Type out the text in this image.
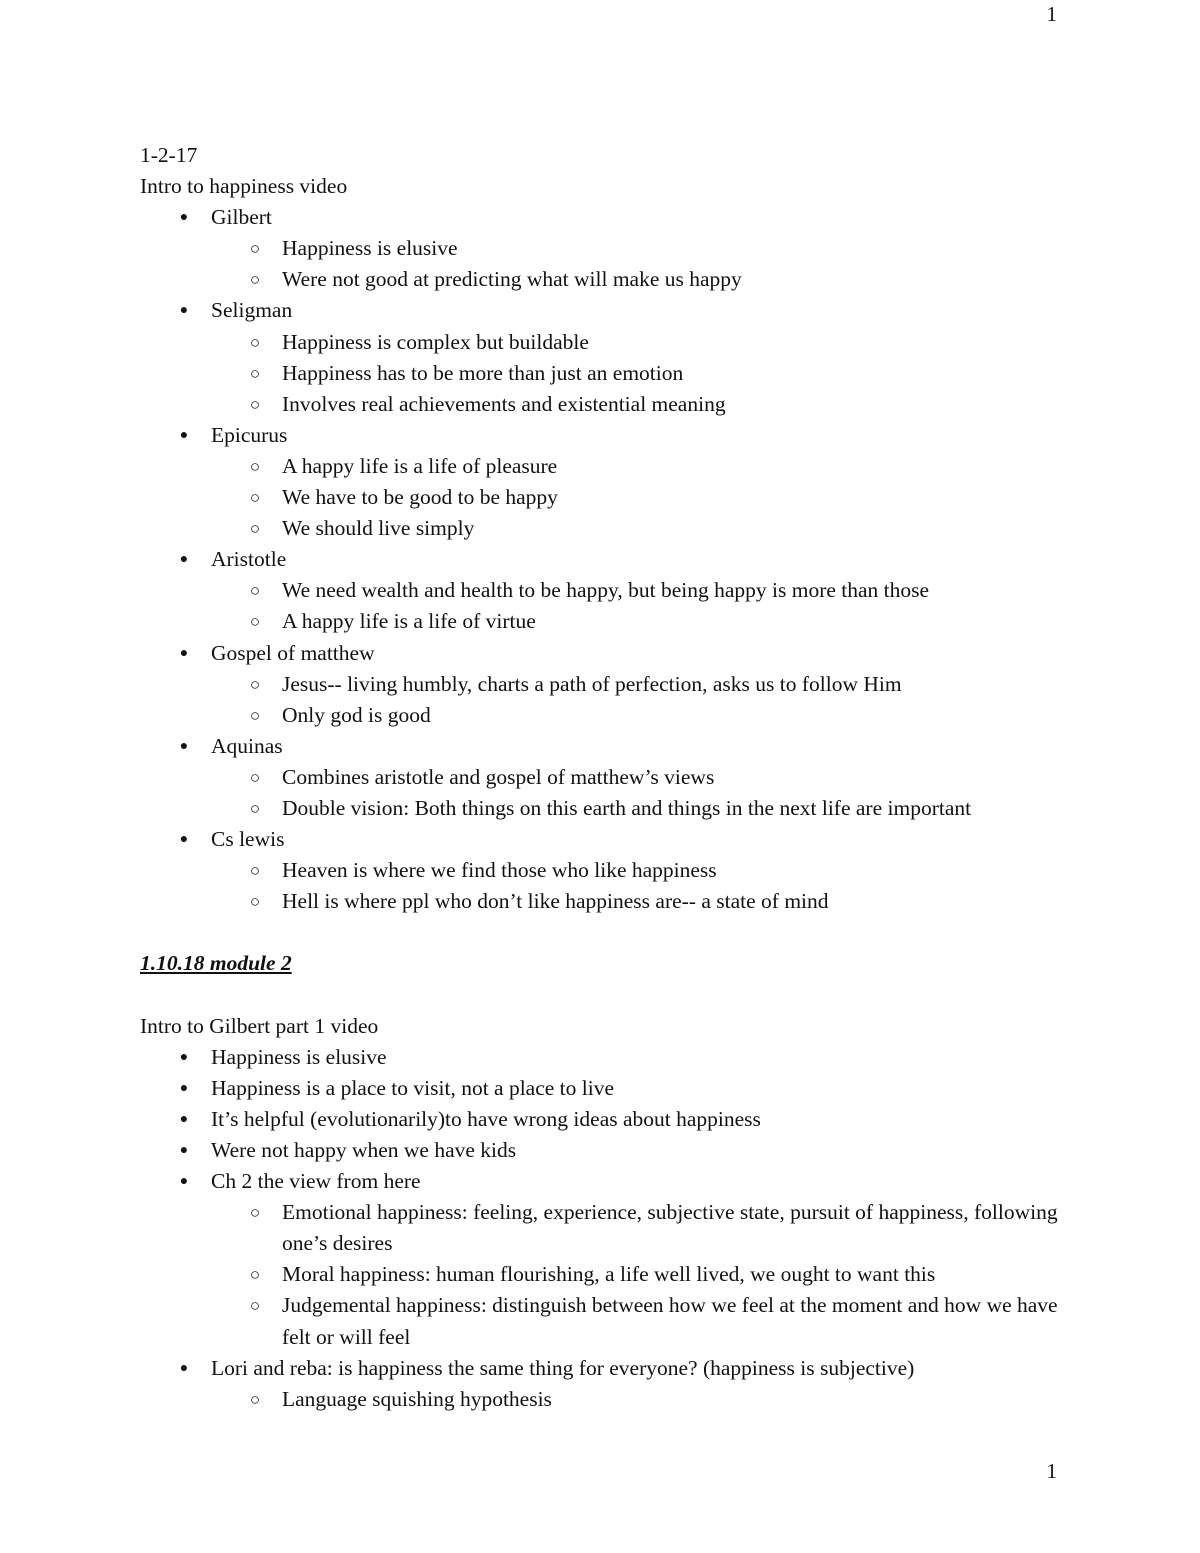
1
1-2-17
Intro to happiness video
● Gilbert
○ Happiness is elusive
○ Were not good at predicting what will make us happy
● Seligman
○ Happiness is complex but buildable
○ Happiness has to be more than just an emotion
○ Involves real achievements and existential meaning
● Epicurus
○ A happy life is a life of pleasure
○ We have to be good to be happy
○ We should live simply
● Aristotle
○ We need wealth and health to be happy, but being happy is more than those
○ A happy life is a life of virtue
● Gospel of matthew
○ Jesus-- living humbly, charts a path of perfection, asks us to follow Him
○ Only god is good
● Aquinas
○ Combines aristotle and gospel of matthew’s views
○ Double vision: Both things on this earth and things in the next life are important
● Cs lewis
○ Heaven is where we find those who like happiness
○ Hell is where ppl who don’t like happiness are-- a state of mind
1.10.18 module 2
Intro to Gilbert part 1 video
● Happiness is elusive
● Happiness is a place to visit, not a place to live
● It’s helpful (evolutionarily)to have wrong ideas about happiness
● Were not happy when we have kids
● Ch 2 the view from here
○ Emotional happiness: feeling, experience, subjective state, pursuit of happiness, following one’s desires
○ Moral happiness: human flourishing, a life well lived, we ought to want this
○ Judgemental happiness: distinguish between how we feel at the moment and how we have felt or will feel
● Lori and reba: is happiness the same thing for everyone? (happiness is subjective)
○ Language squishing hypothesis
1
